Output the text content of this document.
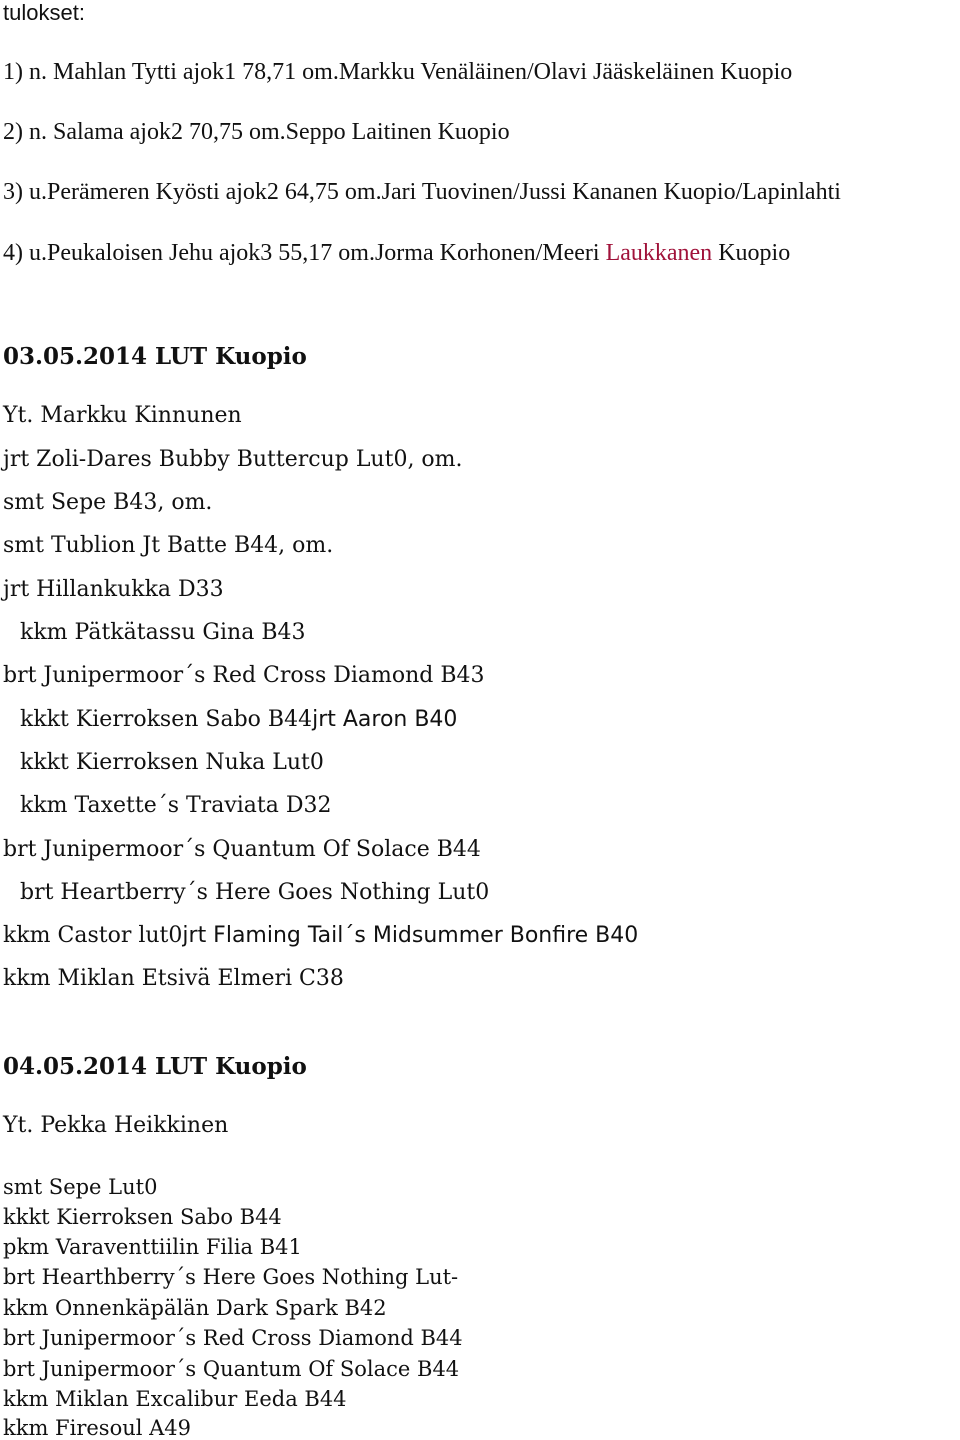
tulokset:
1) n. Mahlan Tytti ajok1 78,71 om.Markku Venäläinen/Olavi Jääskeläinen Kuopio
2) n. Salama ajok2 70,75 om.Seppo Laitinen Kuopio
3) u.Perämeren Kyösti ajok2 64,75 om.Jari Tuovinen/Jussi Kananen Kuopio/Lapinlahti
4) u.Peukaloisen Jehu ajok3 55,17 om.Jorma Korhonen/Meeri Laukkanen Kuopio
03.05.2014 LUT Kuopio
Yt. Markku Kinnunen
jrt Zoli-Dares Bubby Buttercup Lut0, om.
smt Sepe B43, om.
smt Tublion Jt Batte B44, om.
jrt Hillankukka D33
kkm Pätkätassu Gina B43
brt Junipermoor´s Red Cross Diamond B43
kkkt Kierroksen Sabo B44jrt Aaron B40
kkkt Kierroksen Nuka Lut0
kkm Taxette´s Traviata D32
brt Junipermoor´s Quantum Of Solace B44
brt Heartberry´s Here Goes Nothing Lut0
kkm Castor lut0jrt Flaming Tail´s Midsummer Bonfire B40
kkm Miklan Etsivä Elmeri C38
04.05.2014 LUT Kuopio
Yt. Pekka Heikkinen
smt Sepe Lut0
kkkt Kierroksen Sabo B44
pkm Varaventtiilin Filia B41
brt Hearthberry´s Here Goes Nothing Lut-
kkm Onnenkäpälän Dark Spark B42
brt Junipermoor´s Red Cross Diamond B44
brt Junipermoor´s Quantum Of Solace B44
kkm Miklan Excalibur Eeda B44
kkm Firesoul A49
